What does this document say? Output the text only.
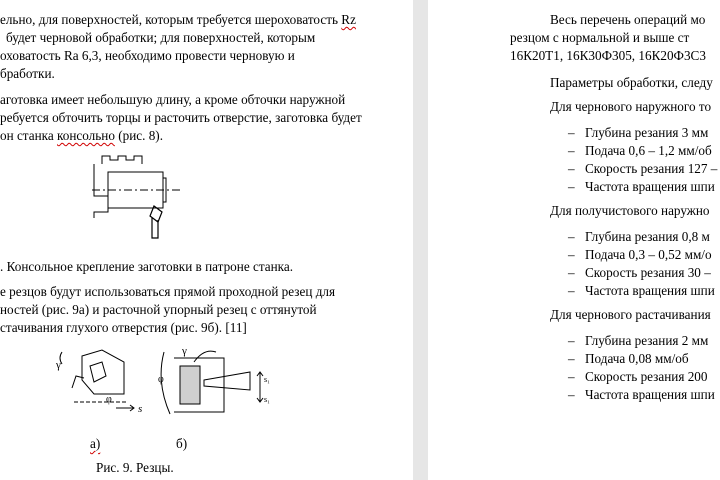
ельно, для поверхностей, которым требуется шероховатость Rz

будет черновой обработки; для поверхностей, которым

оховатость Ra 6,3, необходимо провести черновую и

бработки.

аготовка имеет небольшую длину, а кроме обточки наружной

ребуется обточить торцы и расточить отверстие, заготовка будет

он станка консольно (рис. 8).

. Консольное крепление заготовки в патроне станка.

е резцов будут использоваться прямой проходной резец для

ностей (рис. 9а) и расточной упорный резец с оттянутой

стачивания глухого отверстия (рис. 9б). [11]

γ
φ
s
γ
φ	s₁
s₁
а)	б)
Рис. 9. Резцы.

Весь перечень операций мо

резцом с нормальной и выше ст

16К20Т1, 16К30Ф305, 16К20Ф3С3

Параметры обработки, следу

Для чернового наружного то

– Глубина резания 3 мм
– Подача 0,6 – 1,2 мм/об
– Скорость резания 127 –
– Частота вращения шпи

Для получистового наружно

– Глубина резания 0,8 м
– Подача 0,3 – 0,52 мм/о
– Скорость резания 30 –
– Частота вращения шпи

Для чернового растачивания

– Глубина резания 2 мм
– Подача 0,08 мм/об
– Скорость резания 200
– Частота вращения шпи
